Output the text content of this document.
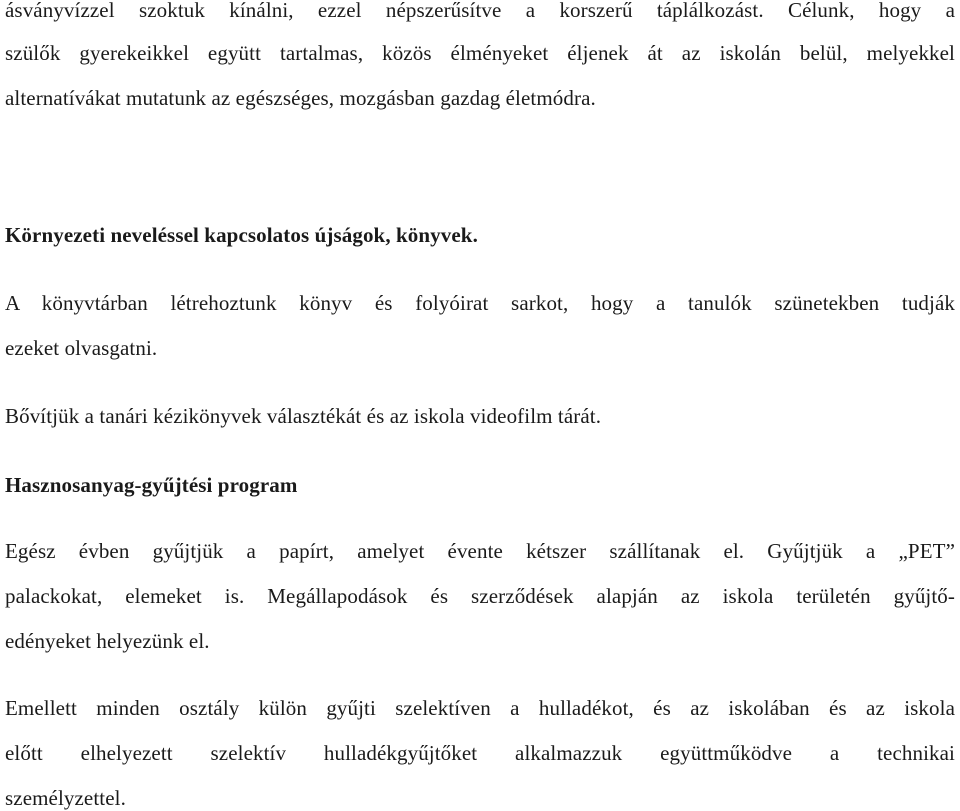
ásványvízzel szoktuk kínálni, ezzel népszerűsítve a korszerű táplálkozást. Célunk, hogy a
szülők gyerekeikkel együtt tartalmas, közös élményeket éljenek át az iskolán belül, melyekkel
alternatívákat mutatunk az egészséges, mozgásban gazdag életmódra.
Környezeti neveléssel kapcsolatos újságok, könyvek.
A könyvtárban létrehoztunk könyv és folyóirat sarkot, hogy a tanulók szünetekben tudják
ezeket olvasgatni.
Bővítjük a tanári kézikönyvek választékát és az iskola videofilm tárát.
Hasznosanyag-gyűjtési program
Egész évben gyűjtjük a papírt, amelyet évente kétszer szállítanak el. Gyűjtjük a „PET”
palackokat, elemeket is. Megállapodások és szerződések alapján az iskola területén gyűjtő-
edényeket helyezünk el.
Emellett minden osztály külön gyűjti szelektíven a hulladékot, és az iskolában és az iskola
előtt elhelyezett szelektív hulladékgyűjtőket alkalmazzuk együttműködve a technikai
személyzettel.
